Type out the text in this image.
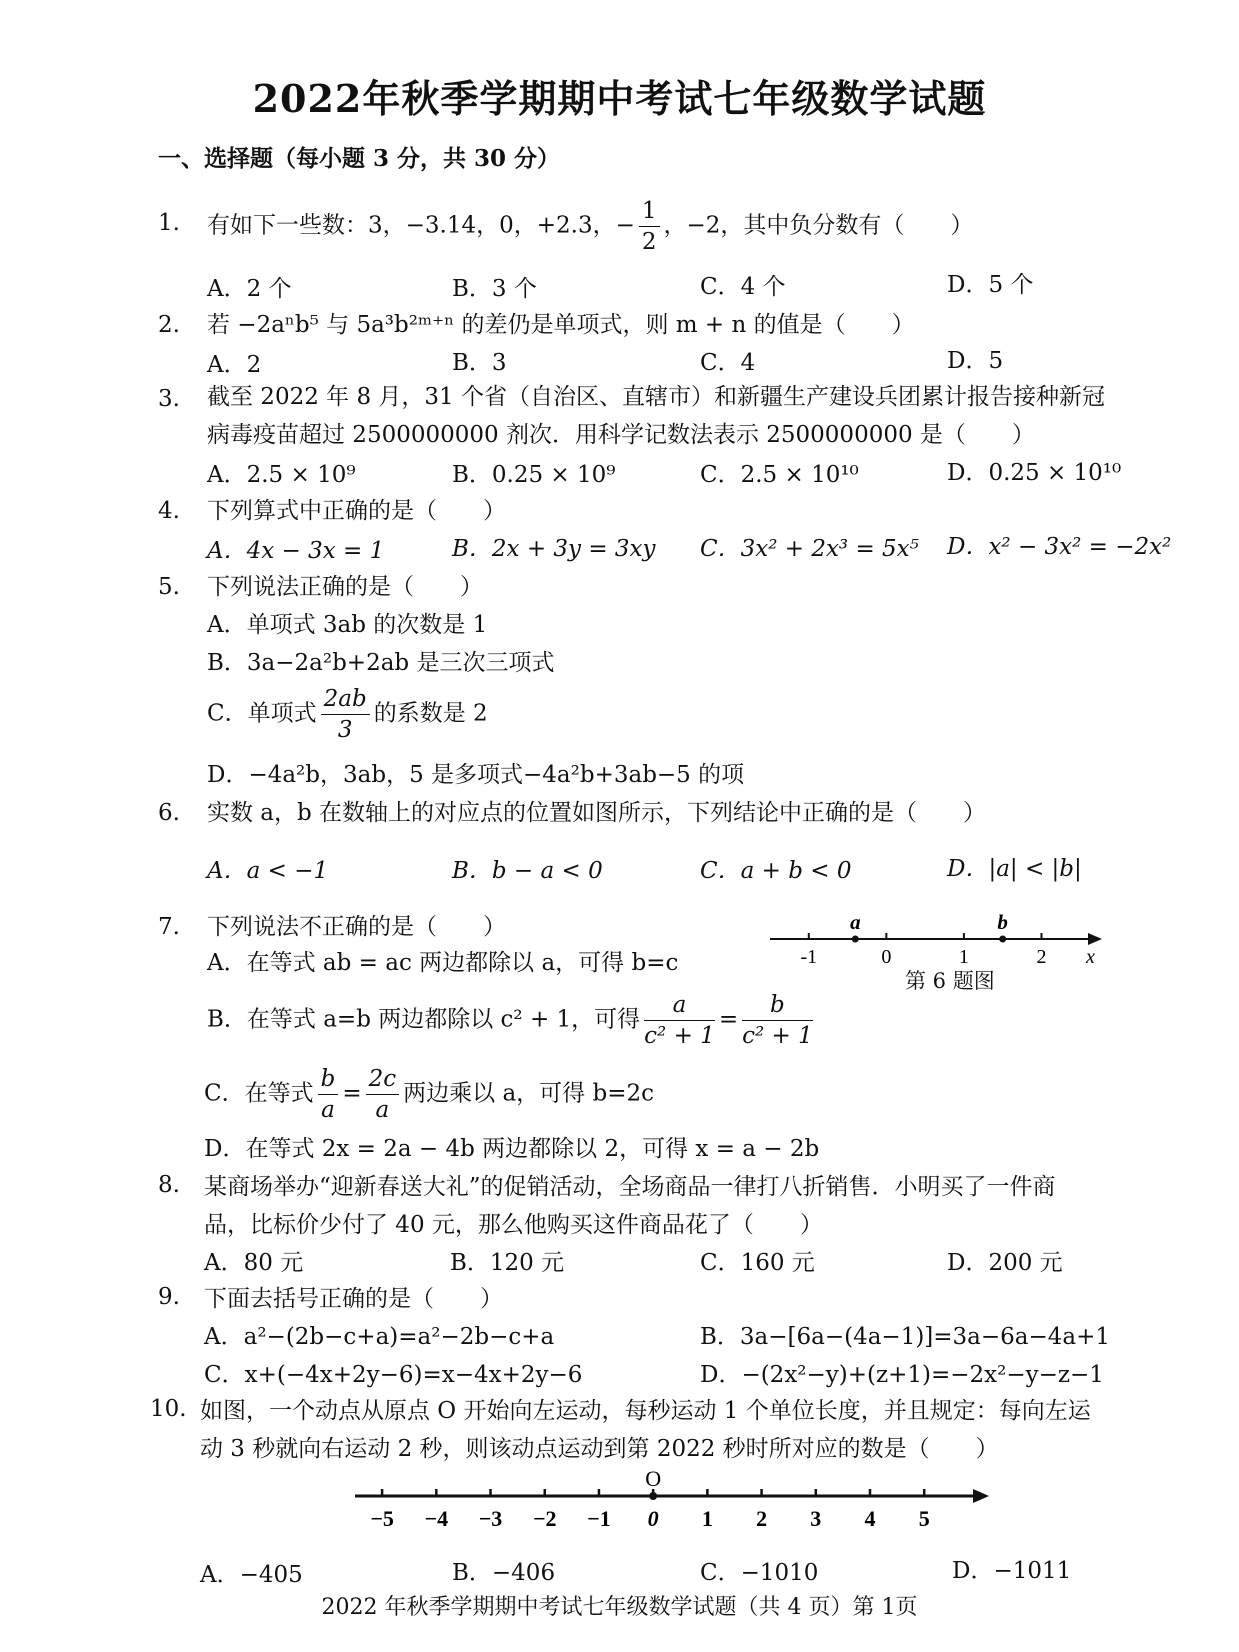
2022年秋季学期期中考试七年级数学试题
一、选择题（每小题 3 分，共 30 分）
1. 有如下一些数：3，−3.14，0，+2.3，− $\frac{1}{2}$ ，−2，其中负分数有（　　）
A．2 个	B．3 个	C．4 个	D．5 个
2. 若 −2aⁿb⁵ 与 5a³b²ᵐ⁺ⁿ 的差仍是单项式，则 m + n 的值是（　　）
A．2	B．3	C．4	D．5
3. 截至 2022 年 8 月，31 个省（自治区、直辖市）和新疆生产建设兵团累计报告接种新冠
病毒疫苗超过 2500000000 剂次．用科学记数法表示 2500000000 是（　　）
A．2.5 × 10⁹	B．0.25 × 10⁹	C．2.5 × 10¹⁰	D．0.25 × 10¹⁰
4. 下列算式中正确的是（　　）
A．4x − 3x = 1	B．2x + 3y = 3xy C．3x² + 2x³ = 5x⁵ D．x² − 3x² = −2x²
5. 下列说法正确的是（　　）
A．单项式 3ab 的次数是 1
B．3a−2a²b+2ab 是三次三项式
C．单项式 $\frac{2ab}{3}$ 的系数是 2
D．−4a²b，3ab，5 是多项式−4a²b+3ab−5 的项
6. 实数 a，b 在数轴上的对应点的位置如图所示，下列结论中正确的是（　　）
A．a < −1	B．b − a < 0	C．a + b < 0	D．|a| < |b|
7. 下列说法不正确的是（　　）
A．在等式 ab = ac 两边都除以 a，可得 b=c
B．在等式 a=b 两边都除以 c² + 1，可得 $\frac{a}{\text{c² + 1}} = \frac{b}{\text{c² + 1}}$
C．在等式 $\frac{b}{a} = \frac{2c}{a}$ 两边乘以 a，可得 b=2c
D．在等式 2x = 2a − 4b 两边都除以 2，可得 x = a − 2b
x
-1	0	1	2
a	b
第 6 题图
8. 某商场举办“迎新春送大礼”的促销活动，全场商品一律打八折销售．小明买了一件商
品，比标价少付了 40 元，那么他购买这件商品花了（　　）
A．80 元	B．120 元	C．160 元	D．200 元
9. 下面去括号正确的是（　　）
A．a²−(2b−c+a)=a²−2b−c+a	B．3a−[6a−(4a−1)]=3a−6a−4a+1
C．x+(−4x+2y−6)=x−4x+2y−6	D．−(2x²−y)+(z+1)=−2x²−y−z−1
10. 如图，一个动点从原点 O 开始向左运动，每秒运动 1 个单位长度，并且规定：每向左运
动 3 秒就向右运动 2 秒，则该动点运动到第 2022 秒时所对应的数是（　　）
−5 −4 −3 −2 −1 0
O
1 2 3 4 5
A．−405	B．−406	C．−1010	D．−1011
2022 年秋季学期期中考试七年级数学试题（共 4 页）第 1页
